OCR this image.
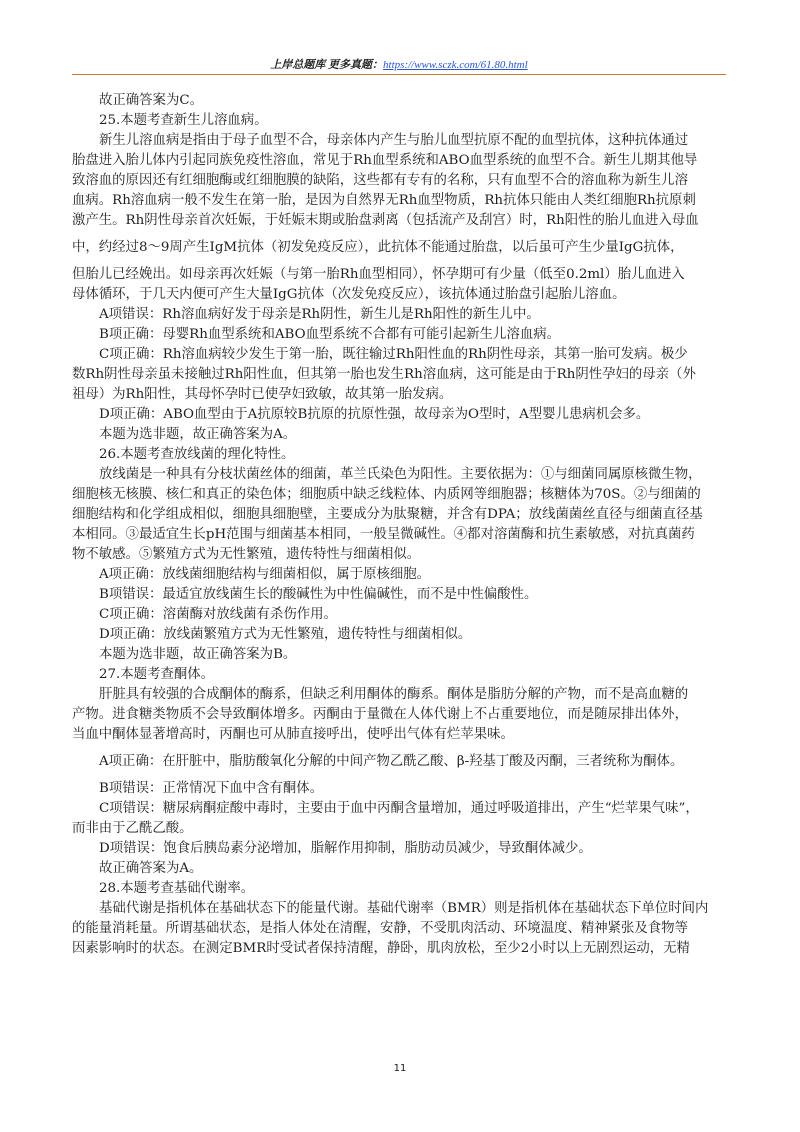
上岸总题库 更多真题：https://www.sczk.com/61.80.html
故正确答案为C。
25.本题考查新生儿溶血病。
新生儿溶血病是指由于母子血型不合，母亲体内产生与胎儿血型抗原不配的血型抗体，这种抗体通过
胎盘进入胎儿体内引起同族免疫性溶血，常见于Rh血型系统和ABO血型系统的血型不合。新生儿期其他导
致溶血的原因还有红细胞酶或红细胞膜的缺陷，这些都有专有的名称，只有血型不合的溶血称为新生儿溶
血病。Rh溶血病一般不发生在第一胎，是因为自然界无Rh血型物质，Rh抗体只能由人类红细胞Rh抗原刺
激产生。Rh阴性母亲首次妊娠，于妊娠末期或胎盘剥离（包括流产及刮宫）时，Rh阳性的胎儿血进入母血
中，约经过8～9周产生IgM抗体（初发免疫反应），此抗体不能通过胎盘，以后虽可产生少量IgG抗体，
但胎儿已经娩出。如母亲再次妊娠（与第一胎Rh血型相同），怀孕期可有少量（低至0.2ml）胎儿血进入
母体循环，于几天内便可产生大量IgG抗体（次发免疫反应），该抗体通过胎盘引起胎儿溶血。
A项错误：Rh溶血病好发于母亲是Rh阴性，新生儿是Rh阳性的新生儿中。
B项正确：母婴Rh血型系统和ABO血型系统不合都有可能引起新生儿溶血病。
C项正确：Rh溶血病较少发生于第一胎，既往输过Rh阳性血的Rh阴性母亲，其第一胎可发病。极少
数Rh阴性母亲虽未接触过Rh阳性血，但其第一胎也发生Rh溶血病，这可能是由于Rh阴性孕妇的母亲（外
祖母）为Rh阳性，其母怀孕时已使孕妇致敏，故其第一胎发病。
D项正确：ABO血型由于A抗原较B抗原的抗原性强，故母亲为O型时，A型婴儿患病机会多。
本题为选非题，故正确答案为A。
26.本题考查放线菌的理化特性。
放线菌是一种具有分枝状菌丝体的细菌，革兰氏染色为阳性。主要依据为：①与细菌同属原核微生物，
细胞核无核膜、核仁和真正的染色体；细胞质中缺乏线粒体、内质网等细胞器；核糖体为70S。②与细菌的
细胞结构和化学组成相似，细胞具细胞壁，主要成分为肽聚糖，并含有DPA；放线菌菌丝直径与细菌直径基
本相同。③最适宜生长pH范围与细菌基本相同，一般呈微碱性。④都对溶菌酶和抗生素敏感，对抗真菌药
物不敏感。⑤繁殖方式为无性繁殖，遗传特性与细菌相似。
A项正确：放线菌细胞结构与细菌相似，属于原核细胞。
B项错误：最适宜放线菌生长的酸碱性为中性偏碱性，而不是中性偏酸性。
C项正确：溶菌酶对放线菌有杀伤作用。
D项正确：放线菌繁殖方式为无性繁殖，遗传特性与细菌相似。
本题为选非题，故正确答案为B。
27.本题考查酮体。
肝脏具有较强的合成酮体的酶系，但缺乏利用酮体的酶系。酮体是脂肪分解的产物，而不是高血糖的
产物。进食糖类物质不会导致酮体增多。丙酮由于量微在人体代谢上不占重要地位，而是随尿排出体外，
当血中酮体显著增高时，丙酮也可从肺直接呼出，使呼出气体有烂苹果味。
A项正确：在肝脏中，脂肪酸氧化分解的中间产物乙酰乙酸、β-羟基丁酸及丙酮，三者统称为酮体。
B项错误：正常情况下血中含有酮体。
C项错误：糖尿病酮症酸中毒时，主要由于血中丙酮含量增加，通过呼吸道排出，产生“烂苹果气味”，
而非由于乙酰乙酸。
D项错误：饱食后胰岛素分泌增加，脂解作用抑制，脂肪动员减少，导致酮体减少。
故正确答案为A。
28.本题考查基础代谢率。
基础代谢是指机体在基础状态下的能量代谢。基础代谢率（BMR）则是指机体在基础状态下单位时间内
的能量消耗量。所谓基础状态，是指人体处在清醒，安静，不受肌肉活动、环境温度、精神紧张及食物等
因素影响时的状态。在测定BMR时受试者保持清醒，静卧，肌肉放松，至少2小时以上无剧烈运动，无精
11
